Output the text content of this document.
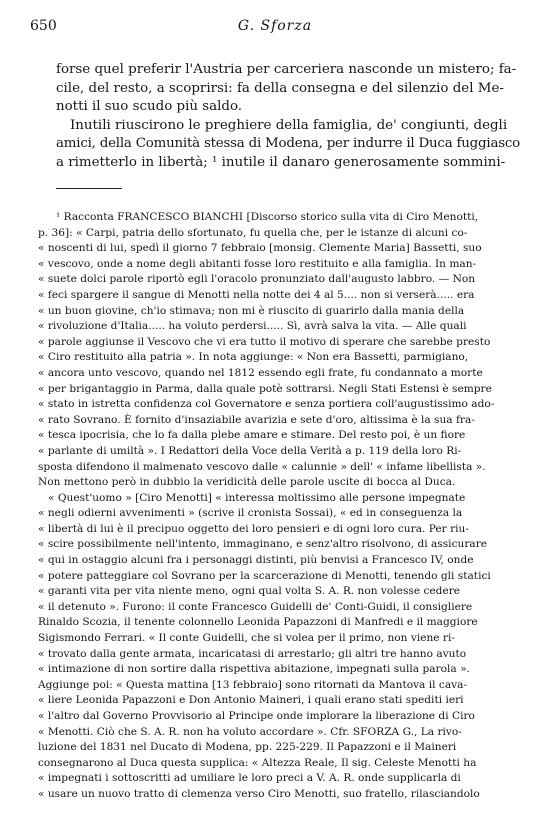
650	G. Sforza
forse quel preferir l'Austria per carceriera nasconde un mistero; fa-
cile, del resto, a scoprirsi: fa della consegna e del silenzio del Me-
notti il suo scudo più saldo.
Inutili riuscirono le preghiere della famiglia, de' congiunti, degli
amici, della Comunità stessa di Modena, per indurre il Duca fuggiasco
a rimetterlo in libertà; ¹ inutile il danaro generosamente sommini-
¹ Racconta FRANCESCO BIANCHI [Discorso storico sulla vita di Ciro Menotti,
p. 36]: « Carpi, patria dello sfortunato, fu quella che, per le istanze di alcuni co-
« noscenti di lui, spedì il giorno 7 febbraio [monsig. Clemente Maria] Bassetti, suo
« vescovo, onde a nome degli abitanti fosse loro restituito e alla famiglia. In man-
« suete dolci parole riportò egli l'oracolo pronunziato dall'augusto labbro. — Non
« feci spargere il sangue di Menotti nella notte dei 4 al 5.... non si verserà..... era
« un buon giovine, ch'io stimava; non mi è riuscito di guarirlo dalla mania della
« rivoluzione d'Italia..... ha voluto perdersi..... Sì, avrà salva la vita. — Alle quali
« parole aggiunse il Vescovo che vi era tutto il motivo di sperare che sarebbe presto
« Ciro restituito alla patria ». In nota aggiunge: « Non era Bassetti, parmigiano,
« ancora unto vescovo, quando nel 1812 essendo egli frate, fu condannato a morte
« per brigantaggio in Parma, dalla quale potè sottrarsi. Negli Stati Estensi è sempre
« stato in istretta confidenza col Governatore e senza portiera coll'augustissimo ado-
« rato Sovrano. È fornito d'insaziabile avarizia e sete d'oro, altissima è la sua fra-
« tesca ipocrisia, che lo fa dalla plebe amare e stimare. Del resto poi, è un fiore
« parlante di umiltà ». I Redattori della Voce della Verità a p. 119 della loro Ri-
sposta difendono il malmenato vescovo dalle « calunnie » dell' « infame libellista ».
Non mettono però in dubbio la veridicità delle parole uscite di bocca al Duca.
« Quest'uomo » [Ciro Menotti] « interessa moltissimo alle persone impegnate
« negli odierni avvenimenti » (scrive il cronista Sossai), « ed in conseguenza la
« libertà di lui è il precipuo oggetto dei loro pensieri e di ogni loro cura. Per riu-
« scire possibilmente nell'intento, immaginano, e senz'altro risolvono, di assicurare
« qui in ostaggio alcuni fra i personaggi distinti, più benvisi a Francesco IV, onde
« potere patteggiare col Sovrano per la scarcerazione di Menotti, tenendo gli statici
« garanti vita per vita niente meno, ogni qual volta S. A. R. non volesse cedere
« il detenuto ». Furono: il conte Francesco Guidelli de' Conti-Guidi, il consigliere
Rinaldo Scozia, il tenente colonnello Leonida Papazzoni di Manfredi e il maggiore
Sigismondo Ferrari. « Il conte Guidelli, che si volea per il primo, non viene ri-
« trovato dalla gente armata, incaricatasi di arrestarlo; gli altri tre hanno avuto
« intimazione di non sortire dalla rispettiva abitazione, impegnati sulla parola ».
Aggiunge poi: « Questa mattina [13 febbraio] sono ritornati da Mantova il cava-
« liere Leonida Papazzoni e Don Antonio Maineri, i quali erano stati spediti ieri
« l'altro dal Governo Provvisorio al Principe onde implorare la liberazione di Ciro
« Menotti. Ciò che S. A. R. non ha voluto accordare ». Cfr. SFORZA G., La rivo-
luzione del 1831 nel Ducato di Modena, pp. 225-229. Il Papazzoni e il Maineri
consegnarono al Duca questa supplica: « Altezza Reale, Il sig. Celeste Menotti ha
« impegnati i sottoscritti ad umiliare le loro preci a V. A. R. onde supplicarla di
« usare un nuovo tratto di clemenza verso Ciro Menotti, suo fratello, rilasciandolo
